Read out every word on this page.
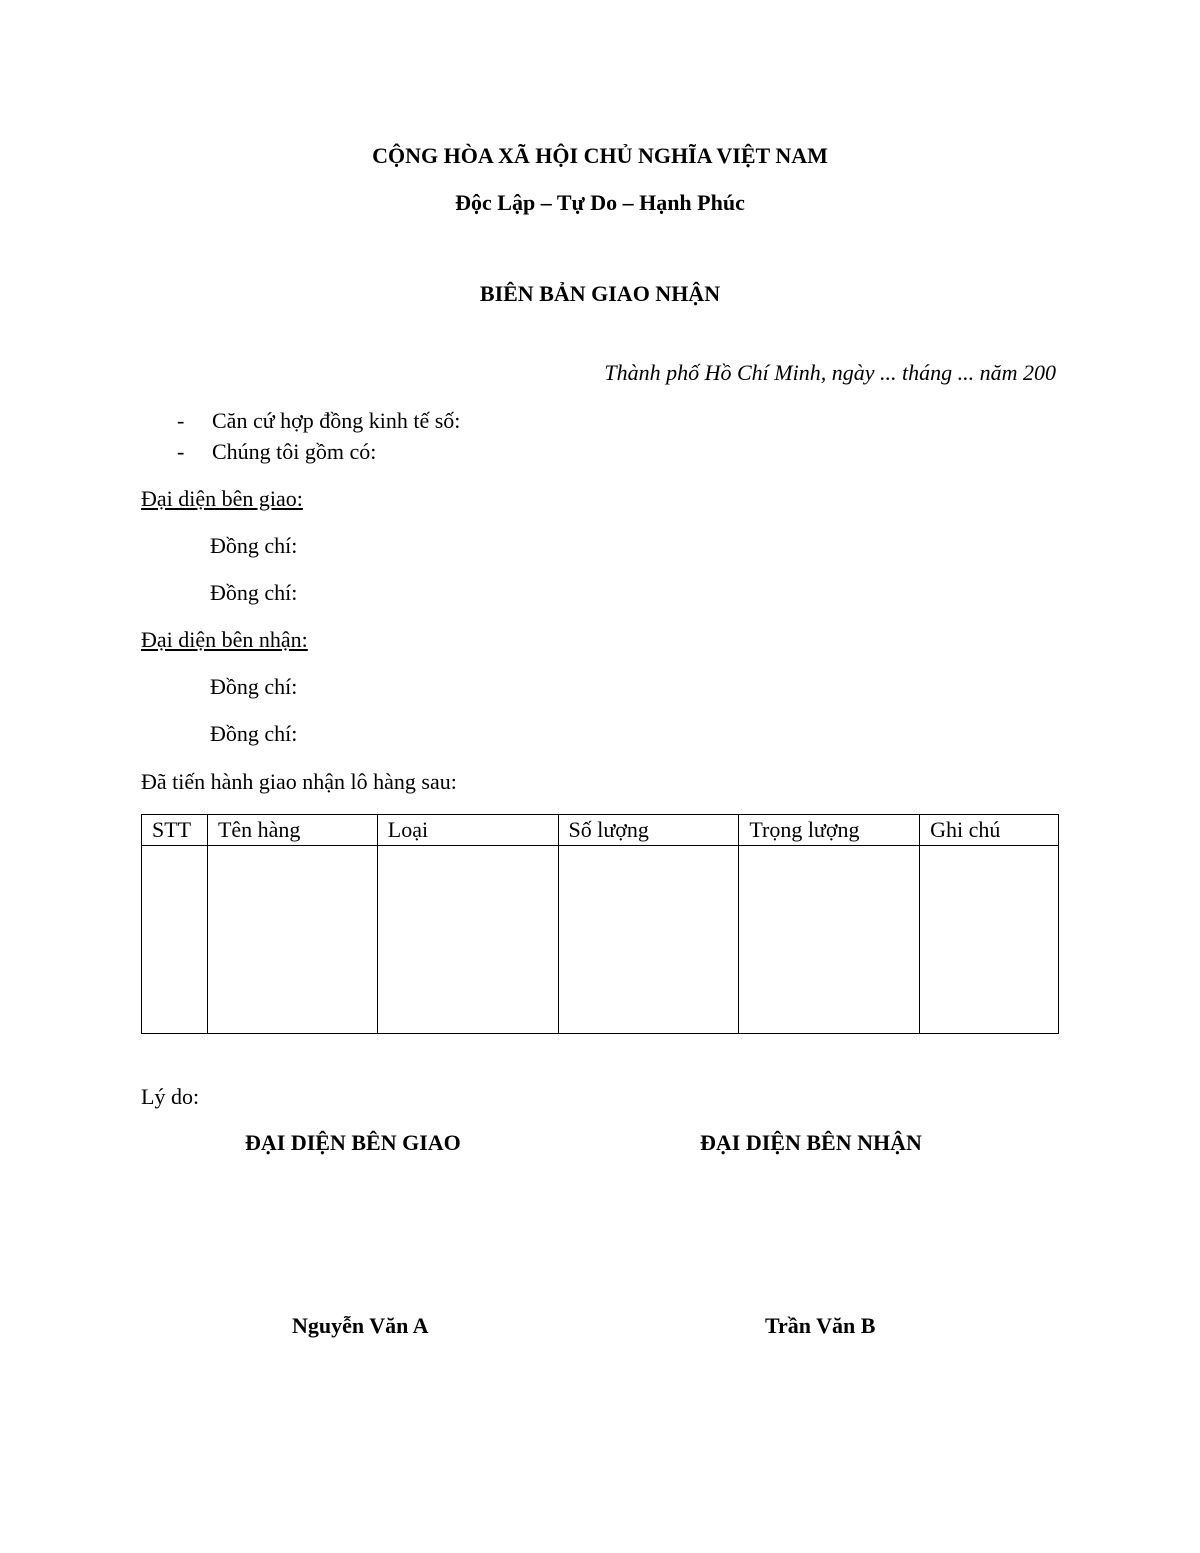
CỘNG HÒA XÃ HỘI CHỦ NGHĨA VIỆT NAM
Độc Lập – Tự Do – Hạnh Phúc
BIÊN BẢN GIAO NHẬN
Thành phố Hồ Chí Minh, ngày ... tháng ... năm 200
- Căn cứ hợp đồng kinh tế số:
- Chúng tôi gồm có:
Đại diện bên giao:
Đồng chí:
Đồng chí:
Đại diện bên nhận:
Đồng chí:
Đồng chí:
Đã tiến hành giao nhận lô hàng sau:
STT	Tên hàng	Loại	Số lượng	Trọng lượng	Ghi chú

Lý do:
ĐẠI DIỆN BÊN GIAO	ĐẠI DIỆN BÊN NHẬN
Nguyễn Văn A	Trần Văn B
